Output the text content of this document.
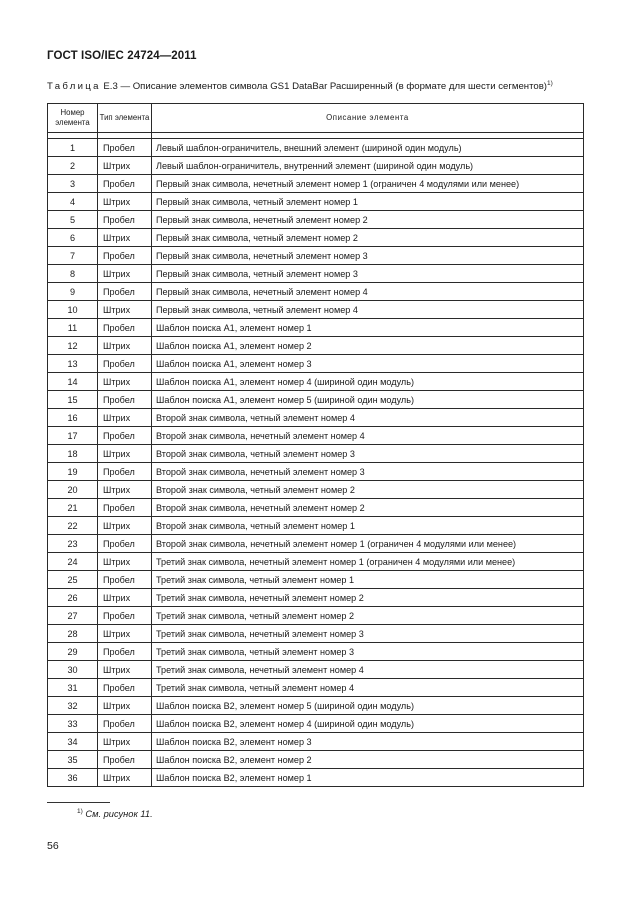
ГОСТ ISO/IEC 24724—2011
Таблица Е.3 — Описание элементов символа GS1 DataBar Расширенный (в формате для шести сегментов)$^{1)}$
Номер элемента	Тип элемента	Описание элемента

1	Пробел	Левый шаблон-ограничитель, внешний элемент (шириной один модуль)
2	Штрих	Левый шаблон-ограничитель, внутренний элемент (шириной один модуль)
3	Пробел	Первый знак символа, нечетный элемент номер 1 (ограничен 4 модулями или менее)
4	Штрих	Первый знак символа, четный элемент номер 1
5	Пробел	Первый знак символа, нечетный элемент номер 2
6	Штрих	Первый знак символа, четный элемент номер 2
7	Пробел	Первый знак символа, нечетный элемент номер 3
8	Штрих	Первый знак символа, четный элемент номер 3
9	Пробел	Первый знак символа, нечетный элемент номер 4
10	Штрих	Первый знак символа, четный элемент номер 4
11	Пробел	Шаблон поиска А1, элемент номер 1
12	Штрих	Шаблон поиска А1, элемент номер 2
13	Пробел	Шаблон поиска А1, элемент номер 3
14	Штрих	Шаблон поиска А1, элемент номер 4 (шириной один модуль)
15	Пробел	Шаблон поиска А1, элемент номер 5 (шириной один модуль)
16	Штрих	Второй знак символа, четный элемент номер 4
17	Пробел	Второй знак символа, нечетный элемент номер 4
18	Штрих	Второй знак символа, четный элемент номер 3
19	Пробел	Второй знак символа, нечетный элемент номер 3
20	Штрих	Второй знак символа, четный элемент номер 2
21	Пробел	Второй знак символа, нечетный элемент номер 2
22	Штрих	Второй знак символа, четный элемент номер 1
23	Пробел	Второй знак символа, нечетный элемент номер 1 (ограничен 4 модулями или менее)
24	Штрих	Третий знак символа, нечетный элемент номер 1 (ограничен 4 модулями или менее)
25	Пробел	Третий знак символа, четный элемент номер 1
26	Штрих	Третий знак символа, нечетный элемент номер 2
27	Пробел	Третий знак символа, четный элемент номер 2
28	Штрих	Третий знак символа, нечетный элемент номер 3
29	Пробел	Третий знак символа, четный элемент номер 3
30	Штрих	Третий знак символа, нечетный элемент номер 4
31	Пробел	Третий знак символа, четный элемент номер 4
32	Штрих	Шаблон поиска В2, элемент номер 5 (шириной один модуль)
33	Пробел	Шаблон поиска В2, элемент номер 4 (шириной один модуль)
34	Штрих	Шаблон поиска В2, элемент номер 3
35	Пробел	Шаблон поиска В2, элемент номер 2
36	Штрих	Шаблон поиска В2, элемент номер 1
$^{1)}$ См. рисунок 11.
56
